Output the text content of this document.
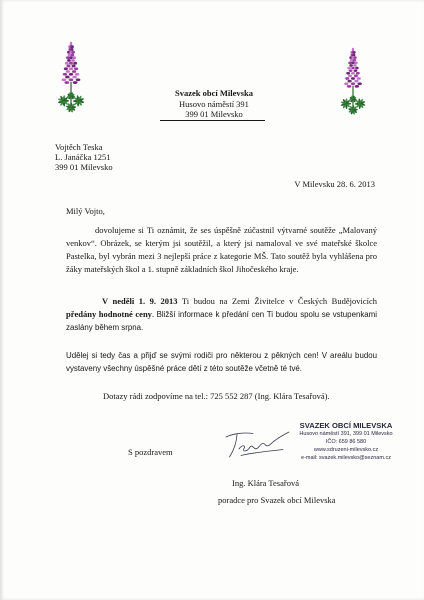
Svazek obcí Milevska
Husovo náměstí 391
399 01 Milevsko
Vojtěch Teska
L. Janáčka 1251
399 01 Milevsko
V Milevsku 28. 6. 2013
Milý Vojto,
dovolujeme si Ti oznámit, že ses úspěšně zúčastnil výtvarné soutěže „Malovaný venkov“. Obrázek, se kterým jsi soutěžil, a který jsi namaloval ve své mateřské školce Pastelka, byl vybrán mezi 3 nejlepší práce z kategorie MŠ. Tato soutěž byla vyhlášena pro žáky mateřských škol a 1. stupně základních škol Jihočeského kraje.
V neděli 1. 9. 2013 Ti budou na Zemi Živitelce v Českých Budějovicích předány hodnotné ceny. Bližší informace k předání cen Ti budou spolu se vstupenkami zaslány během srpna.
Udělej si tedy čas a přijď se svými rodiči pro některou z pěkných cen! V areálu budou vystaveny všechny úspěšné práce dětí z této soutěže včetně té tvé.
Dotazy rádi zodpovíme na tel.: 725 552 287 (Ing. Klára Tesařová).
SVAZEK OBCÍ MILEVSKA
Husovo náměstí 391, 399 01 Milevsko
IČO: 659 86 580
www.sdruzeni-milevsko.cz
e-mail: svazek.milevsko@seznam.cz
S pozdravem
Ing. Klára Tesařová
poradce pro Svazek obcí Milevska
